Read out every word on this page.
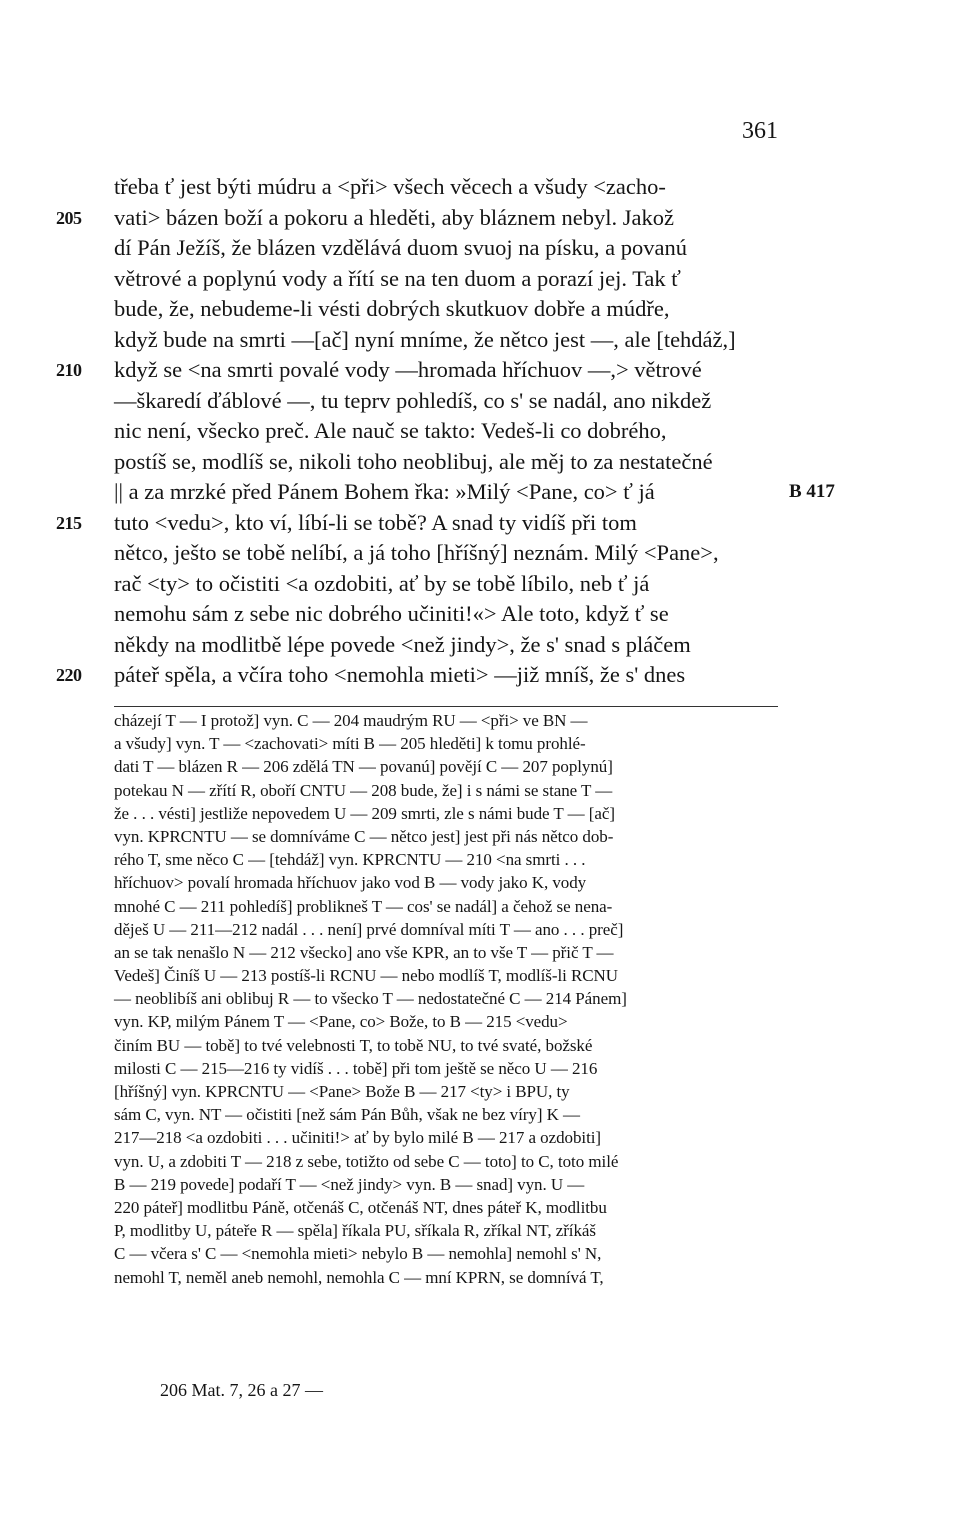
361
třeba ť jest býti múdru a <při> všech věcech a všudy <zacho-
205 vati> bázen boží a pokoru a hleděti, aby bláznem nebyl. Jakož
dí Pán Ježíš, že blázen vzdělává duom svuoj na písku, a povanú
větrové a poplynú vody a řítí se na ten duom a porazí jej. Tak ť
bude, že, nebudeme-li vésti dobrých skutkuov dobře a múdře,
když bude na smrti —[ač] nyní mníme, že nětco jest —, ale [tehdáž,]
210 když se <na smrti povalé vody —hromada hříchuov —,> větrové
—škaredí ďáblové —, tu teprv pohledíš, co s' se nadál, ano nikdež
nic není, všecko preč. Ale nauč se takto: Vedeš-li co dobrého,
postíš se, modlíš se, nikoli toho neoblibuj, ale měj to za nestatečné
|| a za mrzké před Pánem Bohem řka: »Milý <Pane, co> ť já	B 417
215 tuto <vedu>, kto ví, líbí-li se tobě? A snad ty vidíš při tom
nětco, ješto se tobě nelíbí, a já toho [hříšný] neznám. Milý <Pane>,
rač <ty> to očistiti <a ozdobiti, ať by se tobě líbilo, neb ť já
nemohu sám z sebe nic dobrého učiniti!«> Ale toto, když ť se
někdy na modlitbě lépe povede <než jindy>, že s' snad s pláčem
220 páteř spěla, a včíra toho <nemohla mieti> —již mníš, že s' dnes
cházejí T — I protož] vyn. C — 204 maudrým RU — <při> ve BN —
a všudy] vyn. T — <zachovati> míti B — 205 hleděti] k tomu prohlé-
dati T — blázen R — 206 zdělá TN — povanú] povějí C — 207 poplynú]
potekau N — zřítí R, oboří CNTU — 208 bude, že] i s námi se stane T —
že . . . vésti] jestliže nepovedem U — 209 smrti, zle s námi bude T — [ač]
vyn. KPRCNTU — se domníváme C — nětco jest] jest při nás nětco dob-
rého T, sme něco C — [tehdáž] vyn. KPRCNTU — 210 <na smrti . . .
hříchuov> povalí hromada hříchuov jako vod B — vody jako K, vody
mnohé C — 211 pohledíš] problikneš T — cos' se nadál] a čehož se nena-
děješ U — 211—212 nadál . . . není] prvé domníval míti T — ano . . . preč]
an se tak nenašlo N — 212 všecko] ano vše KPR, an to vše T — přič T —
Vedeš] Činíš U — 213 postíš-li RCNU — nebo modlíš T, modlíš-li RCNU
— neoblibíš ani oblibuj R — to všecko T — nedostatečné C — 214 Pánem]
vyn. KP, milým Pánem T — <Pane, co> Bože, to B — 215 <vedu>
činím BU — tobě] to tvé velebnosti T, to tobě NU, to tvé svaté, božské
milosti C — 215—216 ty vidíš . . . tobě] při tom ještě se něco U — 216
[hříšný] vyn. KPRCNTU — <Pane> Bože B — 217 <ty> i BPU, ty
sám C, vyn. NT — očistiti [než sám Pán Bůh, však ne bez víry] K —
217—218 <a ozdobiti . . . učiniti!> ať by bylo milé B — 217 a ozdobiti]
vyn. U, a zdobiti T — 218 z sebe, totižto od sebe C — toto] to C, toto milé
B — 219 povede] podaří T — <než jindy> vyn. B — snad] vyn. U —
220 páteř] modlitbu Páně, otčenáš C, otčenáš NT, dnes páteř K, modlitbu
P, modlitby U, páteře R — spěla] říkala PU, sříkala R, zříkal NT, zříkáš
C — včera s' C — <nemohla mieti> nebylo B — nemohla] nemohl s' N,
nemohl T, neměl aneb nemohl, nemohla C — mní KPRN, se domnívá T,
206 Mat. 7, 26 a 27 —
